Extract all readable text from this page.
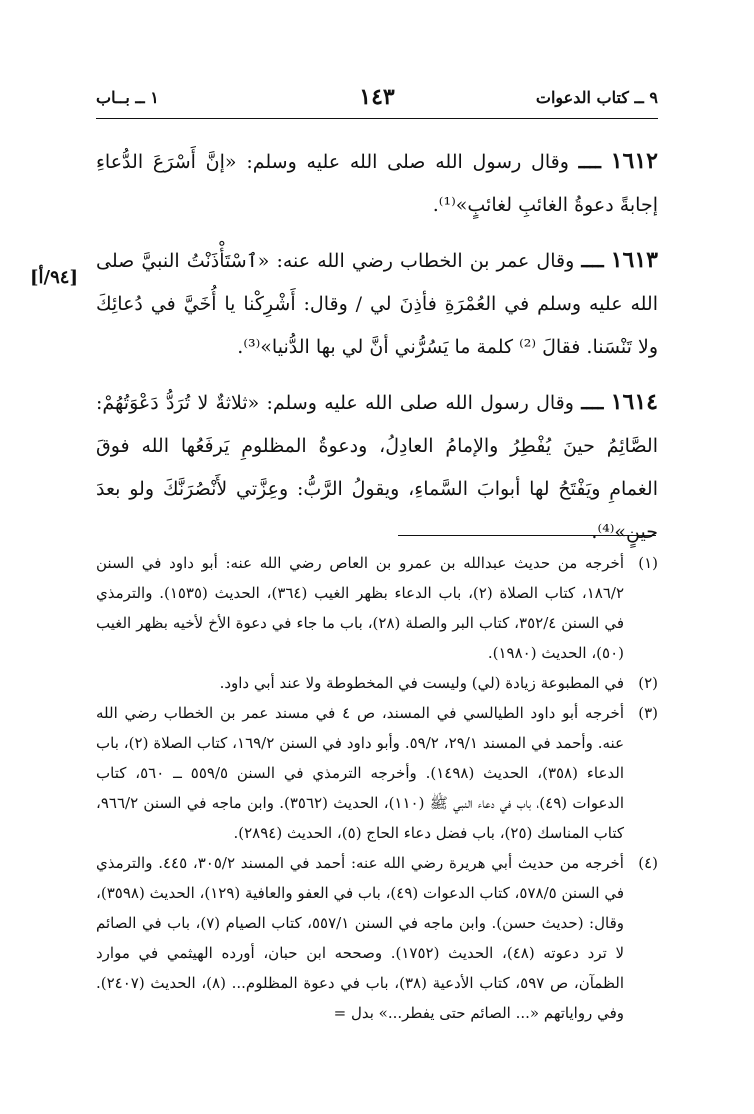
٩ ــ كتاب الدعوات
١٤٣
١ ــ بــاب

١٦١٢ ــــ وقال رسول الله صلى الله عليه وسلم: «إنَّ أَسْرَعَ الدُّعاءِ إجابةً دعوةُ الغائبِ لغائبٍ»⁽¹⁾.

١٦١٣ ــــ وقال عمر بن الخطاب رضي الله عنه: «ٱسْتَأْذَنْتُ النبيَّ صلى الله عليه وسلم في العُمْرَةِ فأذِنَ لي / وقال: أَشْرِكْنا يا أُخَيَّ في دُعائِكَ ولا تَنْسَنا. فقالَ ⁽²⁾ كلمة ما يَسُرُّني أنَّ لي بها الدُّنيا»⁽³⁾.

١٦١٤ ــــ وقال رسول الله صلى الله عليه وسلم: «ثلاثةٌ لا تُرَدُّ دَعْوَتُهُمْ: الصَّائِمُ حينَ يُفْطِرُ والإمامُ العادِلُ، ودعوةُ المظلومِ يَرفَعُها الله فوقَ الغمامِ ويَفْتَحُ لها أبوابَ السَّماءِ، ويقولُ الرَّبُّ: وعِزَّتي لأَنْصُرَنَّكَ ولو بعدَ حينٍ»⁽⁴⁾.

[٩٤/أ]
(١)
أخرجه من حديث عبدالله بن عمرو بن العاص رضي الله عنه: أبو داود في السنن ١٨٦/٢، كتاب الصلاة (٢)، باب الدعاء بظهر الغيب (٣٦٤)، الحديث (١٥٣٥). والترمذي في السنن ٣٥٢/٤، كتاب البر والصلة (٢٨)، باب ما جاء في دعوة الأخ لأخيه بظهر الغيب (٥٠)، الحديث (١٩٨٠).
(٢)
في المطبوعة زيادة (لي) وليست في المخطوطة ولا عند أبي داود.
(٣)
أخرجه أبو داود الطيالسي في المسند، ص ٤ في مسند عمر بن الخطاب رضي الله عنه. وأحمد في المسند ٢٩/١، ٥٩/٢. وأبو داود في السنن ١٦٩/٢، كتاب الصلاة (٢)، باب الدعاء (٣٥٨)، الحديث (١٤٩٨). وأخرجه الترمذي في السنن ٥٥٩/٥ ــ ٥٦٠، كتاب الدعوات (٤٩)، باب في دعاء النبي ﷺ (١١٠)، الحديث (٣٥٦٢). وابن ماجه في السنن ٩٦٦/٢، كتاب المناسك (٢٥)، باب فضل دعاء الحاج (٥)، الحديث (٢٨٩٤).
(٤)
أخرجه من حديث أبي هريرة رضي الله عنه: أحمد في المسند ٣٠٥/٢، ٤٤٥. والترمذي في السنن ٥٧٨/٥، كتاب الدعوات (٤٩)، باب في العفو والعافية (١٢٩)، الحديث (٣٥٩٨)، وقال: (حديث حسن). وابن ماجه في السنن ٥٥٧/١، كتاب الصيام (٧)، باب في الصائم لا ترد دعوته (٤٨)، الحديث (١٧٥٢). وصححه ابن حبان، أورده الهيثمي في موارد الظمآن، ص ٥٩٧، كتاب الأدعية (٣٨)، باب في دعوة المظلوم... (٨)، الحديث (٢٤٠٧). وفي رواياتهم «... الصائم حتى يفطر...» بدل =
